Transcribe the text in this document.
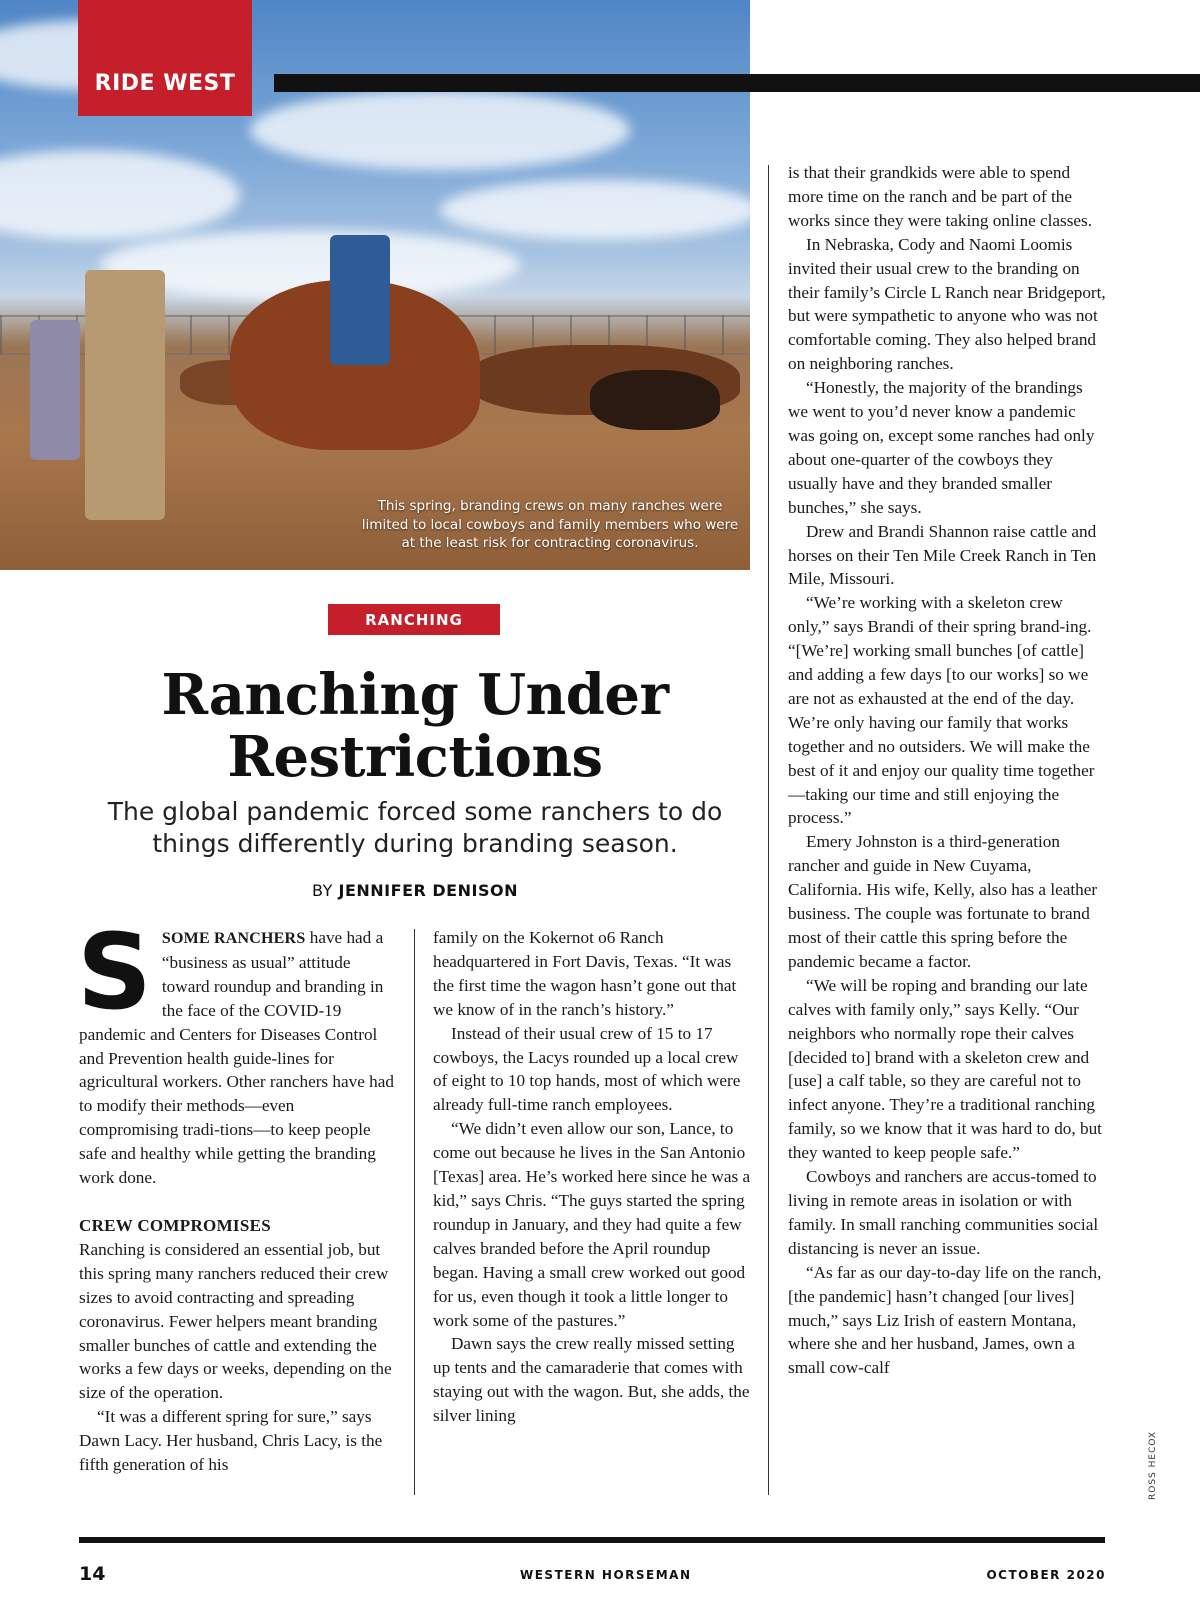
This spring, branding crews on many ranches were limited to local cowboys and family members who were at the least risk for contracting coronavirus.
RIDE WEST
RANCHING
Ranching Under Restrictions
The global pandemic forced some ranchers to do things differently during branding season.
BY JENNIFER DENISON

SSOME RANCHERS have had a “business as usual” attitude toward roundup and branding in the face of the COVID-19 pandemic and Centers for Diseases Control and Prevention health guide-lines for agricultural workers. Other ranchers have had to modify their methods—even compromising tradi-tions—to keep people safe and healthy while getting the branding work done.

CREW COMPROMISES

Ranching is considered an essential job, but this spring many ranchers reduced their crew sizes to avoid contracting and spreading coronavirus. Fewer helpers meant branding smaller bunches of cattle and extending the works a few days or weeks, depending on the size of the operation.

“It was a different spring for sure,” says Dawn Lacy. Her husband, Chris Lacy, is the fifth generation of his

family on the Kokernot o6 Ranch headquartered in Fort Davis, Texas. “It was the first time the wagon hasn’t gone out that we know of in the ranch’s history.”

Instead of their usual crew of 15 to 17 cowboys, the Lacys rounded up a local crew of eight to 10 top hands, most of which were already full-time ranch employees.

“We didn’t even allow our son, Lance, to come out because he lives in the San Antonio [Texas] area. He’s worked here since he was a kid,” says Chris. “The guys started the spring roundup in January, and they had quite a few calves branded before the April roundup began. Having a small crew worked out good for us, even though it took a little longer to work some of the pastures.”

Dawn says the crew really missed setting up tents and the camaraderie that comes with staying out with the wagon. But, she adds, the silver lining

is that their grandkids were able to spend more time on the ranch and be part of the works since they were taking online classes.

In Nebraska, Cody and Naomi Loomis invited their usual crew to the branding on their family’s Circle L Ranch near Bridgeport, but were sympathetic to anyone who was not comfortable coming. They also helped brand on neighboring ranches.

“Honestly, the majority of the brandings we went to you’d never know a pandemic was going on, except some ranches had only about one-quarter of the cowboys they usually have and they branded smaller bunches,” she says.

Drew and Brandi Shannon raise cattle and horses on their Ten Mile Creek Ranch in Ten Mile, Missouri.

“We’re working with a skeleton crew only,” says Brandi of their spring brand-ing. “[We’re] working small bunches [of cattle] and adding a few days [to our works] so we are not as exhausted at the end of the day. We’re only having our family that works together and no outsiders. We will make the best of it and enjoy our quality time together—taking our time and still enjoying the process.”

Emery Johnston is a third-generation rancher and guide in New Cuyama, California. His wife, Kelly, also has a leather business. The couple was fortunate to brand most of their cattle this spring before the pandemic became a factor.

“We will be roping and branding our late calves with family only,” says Kelly. “Our neighbors who normally rope their calves [decided to] brand with a skeleton crew and [use] a calf table, so they are careful not to infect anyone. They’re a traditional ranching family, so we know that it was hard to do, but they wanted to keep people safe.”

Cowboys and ranchers are accus-tomed to living in remote areas in isolation or with family. In small ranching communities social distancing is never an issue.

“As far as our day-to-day life on the ranch, [the pandemic] hasn’t changed [our lives] much,” says Liz Irish of eastern Montana, where she and her husband, James, own a small cow-calf

ROSS HECOX
14	WESTERN HORSEMAN	OCTOBER 2020
